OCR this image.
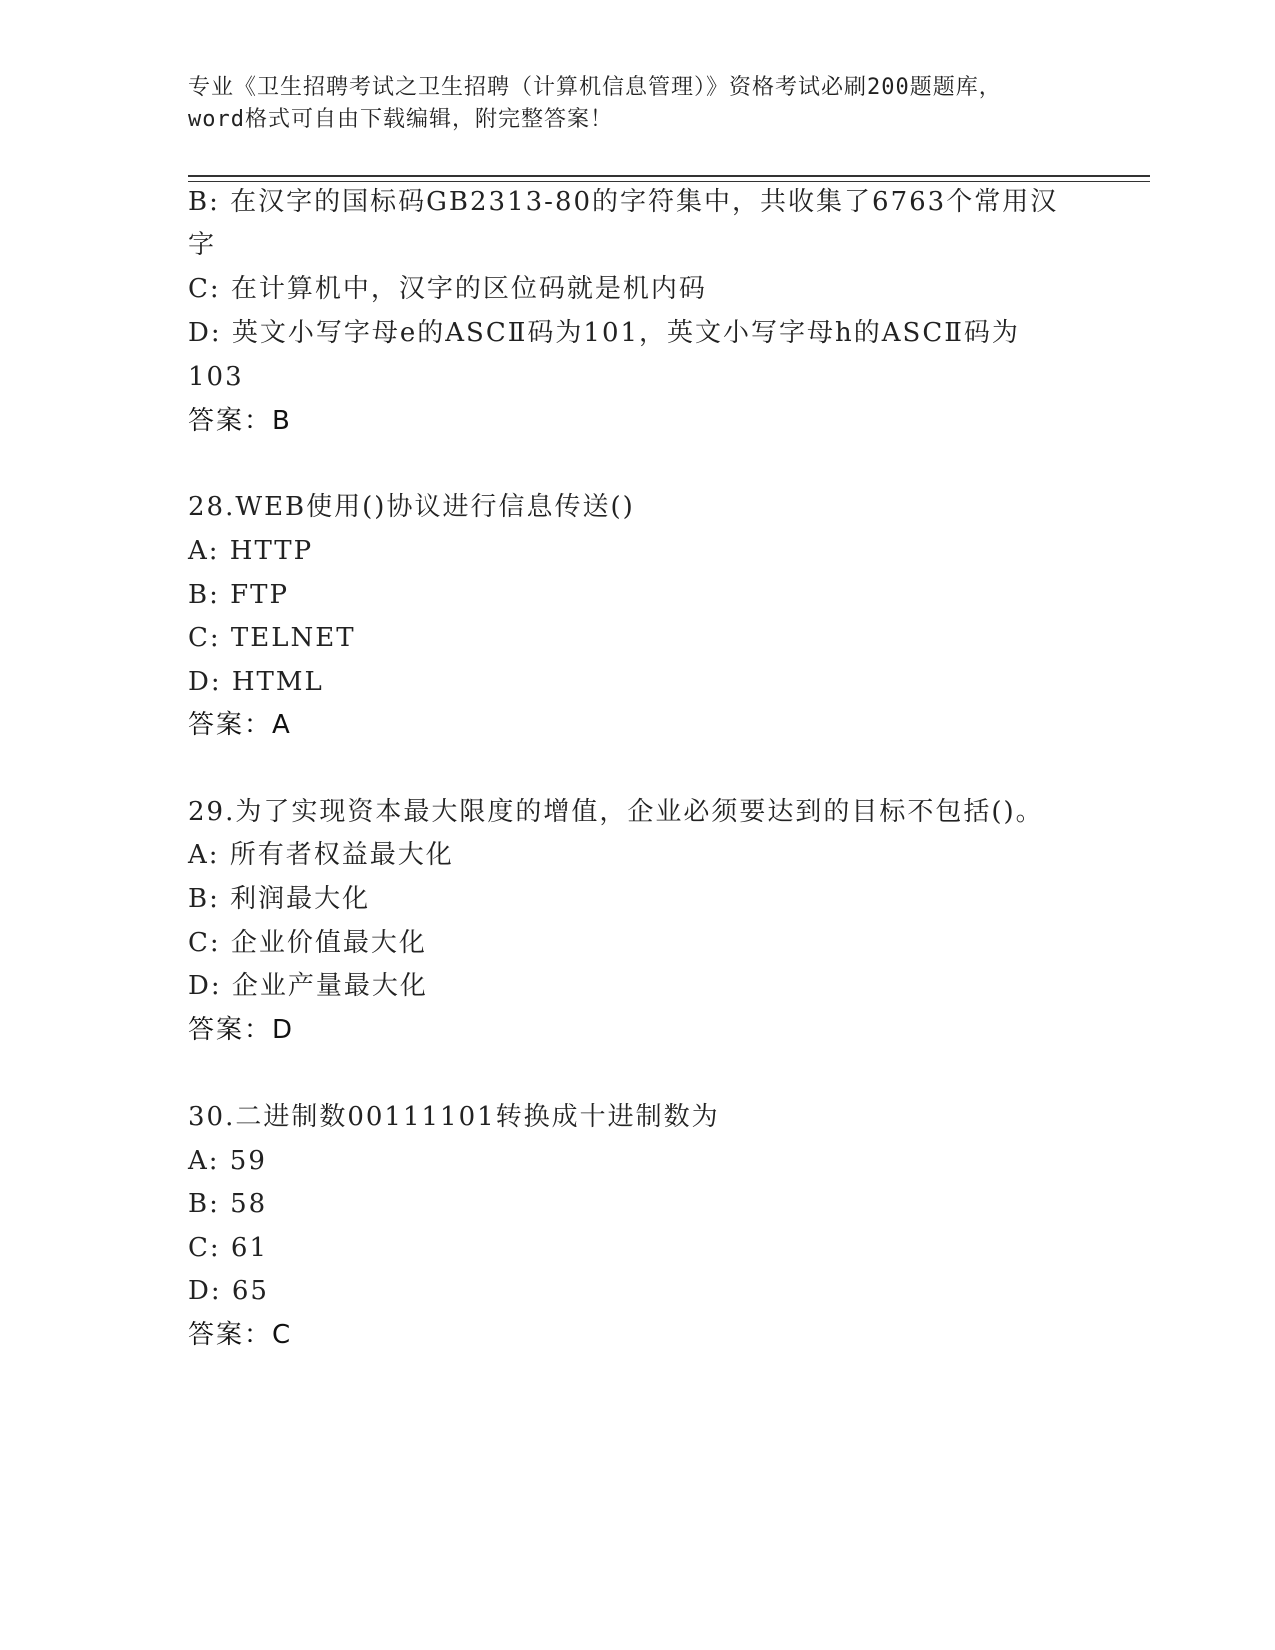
专业《卫生招聘考试之卫生招聘（计算机信息管理）》资格考试必刷200题题库，
word格式可自由下载编辑，附完整答案！
B: 在汉字的国标码GB2313-80的字符集中，共收集了6763个常用汉
字
C: 在计算机中，汉字的区位码就是机内码
D: 英文小写字母e的ASCⅡ码为101，英文小写字母h的ASCⅡ码为
103
答案：B
28.WEB使用()协议进行信息传送()
A: HTTP
B: FTP
C: TELNET
D: HTML
答案：A
29.为了实现资本最大限度的增值，企业必须要达到的目标不包括()。
A: 所有者权益最大化
B: 利润最大化
C: 企业价值最大化
D: 企业产量最大化
答案：D
30.二进制数00111101转换成十进制数为
A: 59
B: 58
C: 61
D: 65
答案：C
